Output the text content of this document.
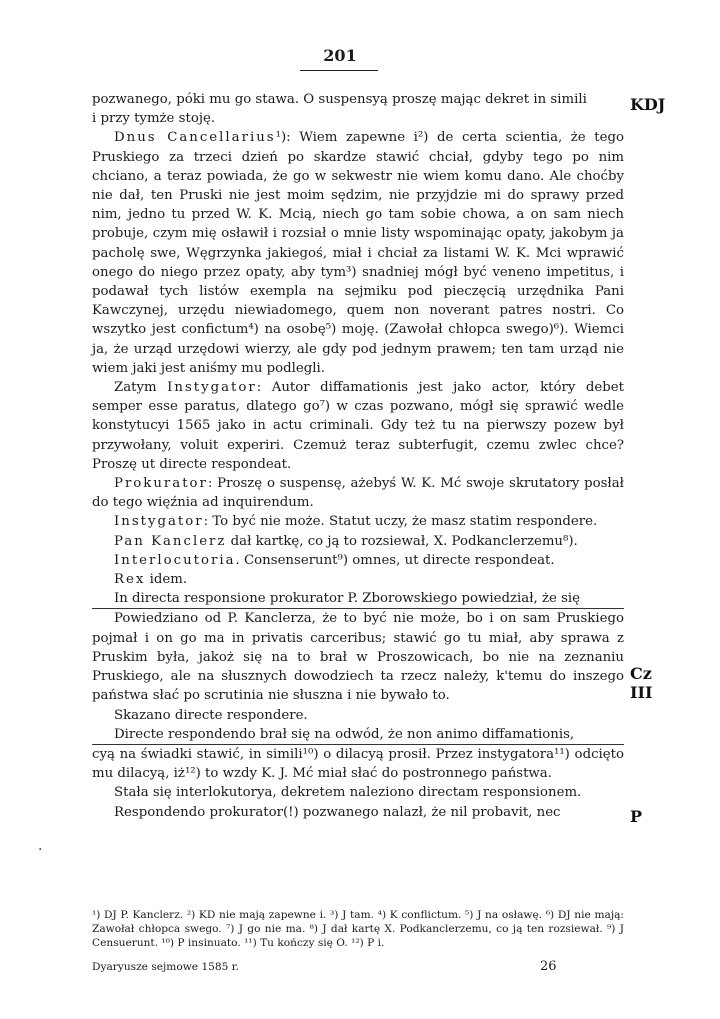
201

pozwanego, póki mu go stawa. O suspensyą proszę mając dekret in simili

i przy tymże stoję.

Dnus Cancellarius¹): Wiem zapewne i²) de certa scientia, że tego Pruskiego za trzeci dzień po skardze stawić chciał, gdyby tego po nim chciano, a teraz powiada, że go w sekwestr nie wiem komu dano. Ale choćby nie dał, ten Pruski nie jest moim sędzim, nie przyjdzie mi do sprawy przed nim, jedno tu przed W. K. Mcią, niech go tam sobie chowa, a on sam niech probuje, czym mię osławił i rozsiał o mnie listy wspominając opaty, jakobym ja pacholę swe, Węgrzynka jakiegoś, miał i chciał za listami W. K. Mci wprawić onego do niego przez opaty, aby tym³) snadniej mógł być veneno impetitus, i podawał tych listów exempla na sejmiku pod pieczęcią urzędnika Pani Kawczynej, urzędu niewiadomego, quem non noverant patres nostri. Co wszytko jest confictum⁴) na osobę⁵) moję. (Zawołał chłopca swego)⁶). Wiemci ja, że urząd urzędowi wierzy, ale gdy pod jednym prawem; ten tam urząd nie wiem jaki jest aniśmy mu podlegli.

Zatym Instygator: Autor diffamationis jest jako actor, który debet semper esse paratus, dlatego go⁷) w czas pozwano, mógł się sprawić wedle konstytucyi 1565 jako in actu criminali. Gdy też tu na pierwszy pozew był przywołany, voluit experiri. Czemuż teraz subterfugit, czemu zwlec chce? Proszę ut directe respondeat.

Prokurator: Proszę o suspensę, ażebyś W. K. Mć swoje skrutatory posłał do tego więźnia ad inquirendum.

Instygator: To być nie może. Statut uczy, że masz statim respondere.

Pan Kanclerz dał kartkę, co ją to rozsiewał, X. Podkanclerzemu⁸).

Interlocutoria. Consenserunt⁹) omnes, ut directe respondeat.

Rex idem.

In directa responsione prokurator P. Zborowskiego powiedział, że się

Powiedziano od P. Kanclerza, że to być nie może, bo i on sam Pruskiego pojmał i on go ma in privatis carceribus; stawić go tu miał, aby sprawa z Pruskim była, jakoż się na to brał w Proszowicach, bo nie na zeznaniu Pruskiego, ale na słusznych dowodziech ta rzecz należy, k'temu do inszego państwa słać po scrutinia nie słuszna i nie bywało to.

Skazano directe respondere.

Directe respondendo brał się na odwód, że non animo diffamationis,

cyą na świadki stawić, in simili¹⁰) o dilacyą prosił. Przez instygatora¹¹) odcięto mu dilacyą, iż¹²) to wzdy K. J. Mć miał słać do postronnego państwa.

Stała się interlokutorya, dekretem naleziono directam responsionem.

Respondendo prokurator(!) pozwanego nalazł, że nil probavit, nec

KDJ
Cz
III
P
·

¹) DJ P. Kanclerz. ²) KD nie mają zapewne i. ³) J tam. ⁴) K conflictum. ⁵) J na osławę. ⁶) DJ nie mają: Zawołał chłopca swego. ⁷) J go nie ma. ⁸) J dał kartę X. Podkanclerzemu, co ją ten rozsiewał. ⁹) J Censuerunt. ¹⁰) P insinuato. ¹¹) Tu kończy się O. ¹²) P i.

Dyaryusze sejmowe 1585 r.	26
